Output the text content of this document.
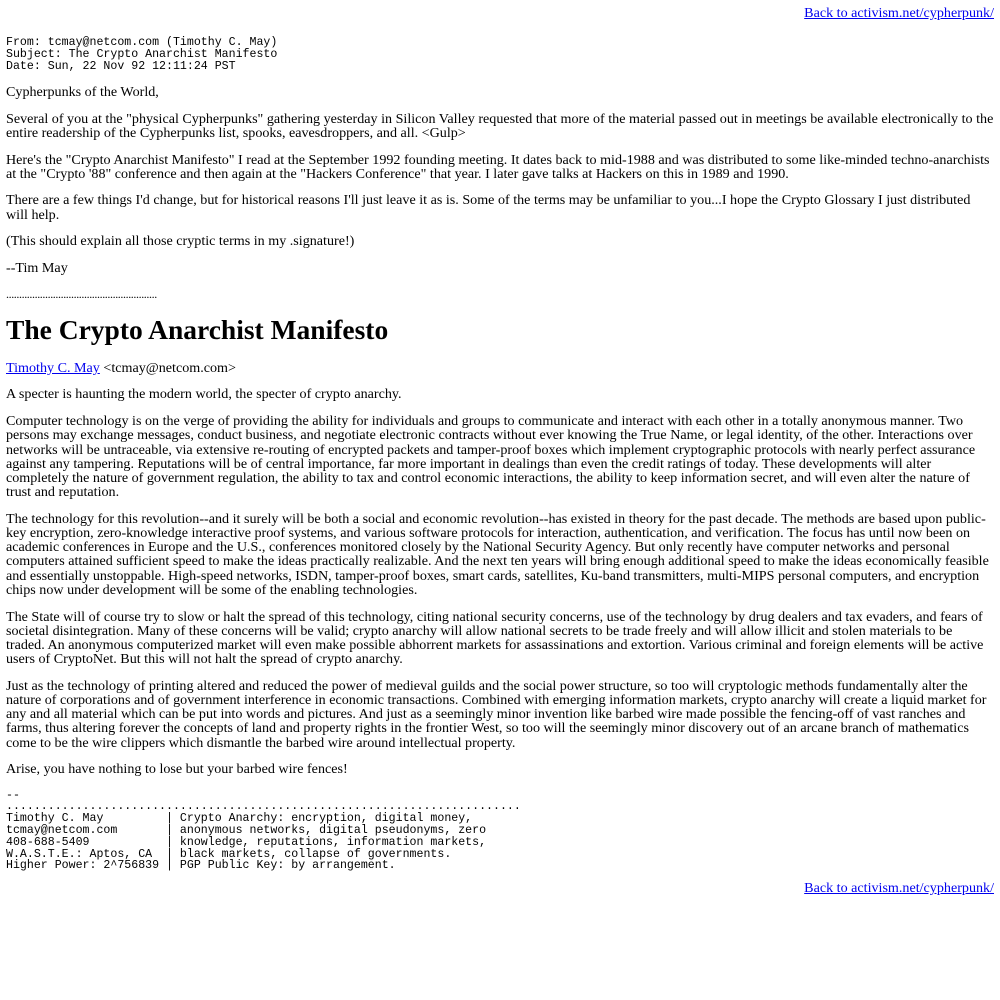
Back to activism.net/cypherpunk/
From: tcmay@netcom.com (Timothy C. May)
Subject: The Crypto Anarchist Manifesto
Date: Sun, 22 Nov 92 12:11:24 PST

Cypherpunks of the World,

Several of you at the "physical Cypherpunks" gathering yesterday in Silicon Valley requested that more of the material passed out in meetings be available electronically to the entire readership of the Cypherpunks list, spooks, eavesdroppers, and all. <Gulp>

Here's the "Crypto Anarchist Manifesto" I read at the September 1992 founding meeting. It dates back to mid-1988 and was distributed to some like-minded techno-anarchists at the "Crypto '88" conference and then again at the "Hackers Conference" that year. I later gave talks at Hackers on this in 1989 and 1990.

There are a few things I'd change, but for historical reasons I'll just leave it as is. Some of the terms may be unfamiliar to you...I hope the Crypto Glossary I just distributed will help.

(This should explain all those cryptic terms in my .signature!)

--Tim May

..........................................................

The Crypto Anarchist Manifesto

Timothy C. May <tcmay@netcom.com>

A specter is haunting the modern world, the specter of crypto anarchy.

Computer technology is on the verge of providing the ability for individuals and groups to communicate and interact with each other in a totally anonymous manner. Two persons may exchange messages, conduct business, and negotiate electronic contracts without ever knowing the True Name, or legal identity, of the other. Interactions over networks will be untraceable, via extensive re-routing of encrypted packets and tamper-proof boxes which implement cryptographic protocols with nearly perfect assurance against any tampering. Reputations will be of central importance, far more important in dealings than even the credit ratings of today. These developments will alter completely the nature of government regulation, the ability to tax and control economic interactions, the ability to keep information secret, and will even alter the nature of trust and reputation.

The technology for this revolution--and it surely will be both a social and economic revolution--has existed in theory for the past decade. The methods are based upon public-key encryption, zero-knowledge interactive proof systems, and various software protocols for interaction, authentication, and verification. The focus has until now been on academic conferences in Europe and the U.S., conferences monitored closely by the National Security Agency. But only recently have computer networks and personal computers attained sufficient speed to make the ideas practically realizable. And the next ten years will bring enough additional speed to make the ideas economically feasible and essentially unstoppable. High-speed networks, ISDN, tamper-proof boxes, smart cards, satellites, Ku-band transmitters, multi-MIPS personal computers, and encryption chips now under development will be some of the enabling technologies.

The State will of course try to slow or halt the spread of this technology, citing national security concerns, use of the technology by drug dealers and tax evaders, and fears of societal disintegration. Many of these concerns will be valid; crypto anarchy will allow national secrets to be trade freely and will allow illicit and stolen materials to be traded. An anonymous computerized market will even make possible abhorrent markets for assassinations and extortion. Various criminal and foreign elements will be active users of CryptoNet. But this will not halt the spread of crypto anarchy.

Just as the technology of printing altered and reduced the power of medieval guilds and the social power structure, so too will cryptologic methods fundamentally alter the nature of corporations and of government interference in economic transactions. Combined with emerging information markets, crypto anarchy will create a liquid market for any and all material which can be put into words and pictures. And just as a seemingly minor invention like barbed wire made possible the fencing-off of vast ranches and farms, thus altering forever the concepts of land and property rights in the frontier West, so too will the seemingly minor discovery out of an arcane branch of mathematics come to be the wire clippers which dismantle the barbed wire around intellectual property.

Arise, you have nothing to lose but your barbed wire fences!

--
..........................................................................
Timothy C. May         | Crypto Anarchy: encryption, digital money,
tcmay@netcom.com       | anonymous networks, digital pseudonyms, zero
408-688-5409           | knowledge, reputations, information markets,
W.A.S.T.E.: Aptos, CA  | black markets, collapse of governments.
Higher Power: 2^756839 | PGP Public Key: by arrangement.
Back to activism.net/cypherpunk/
